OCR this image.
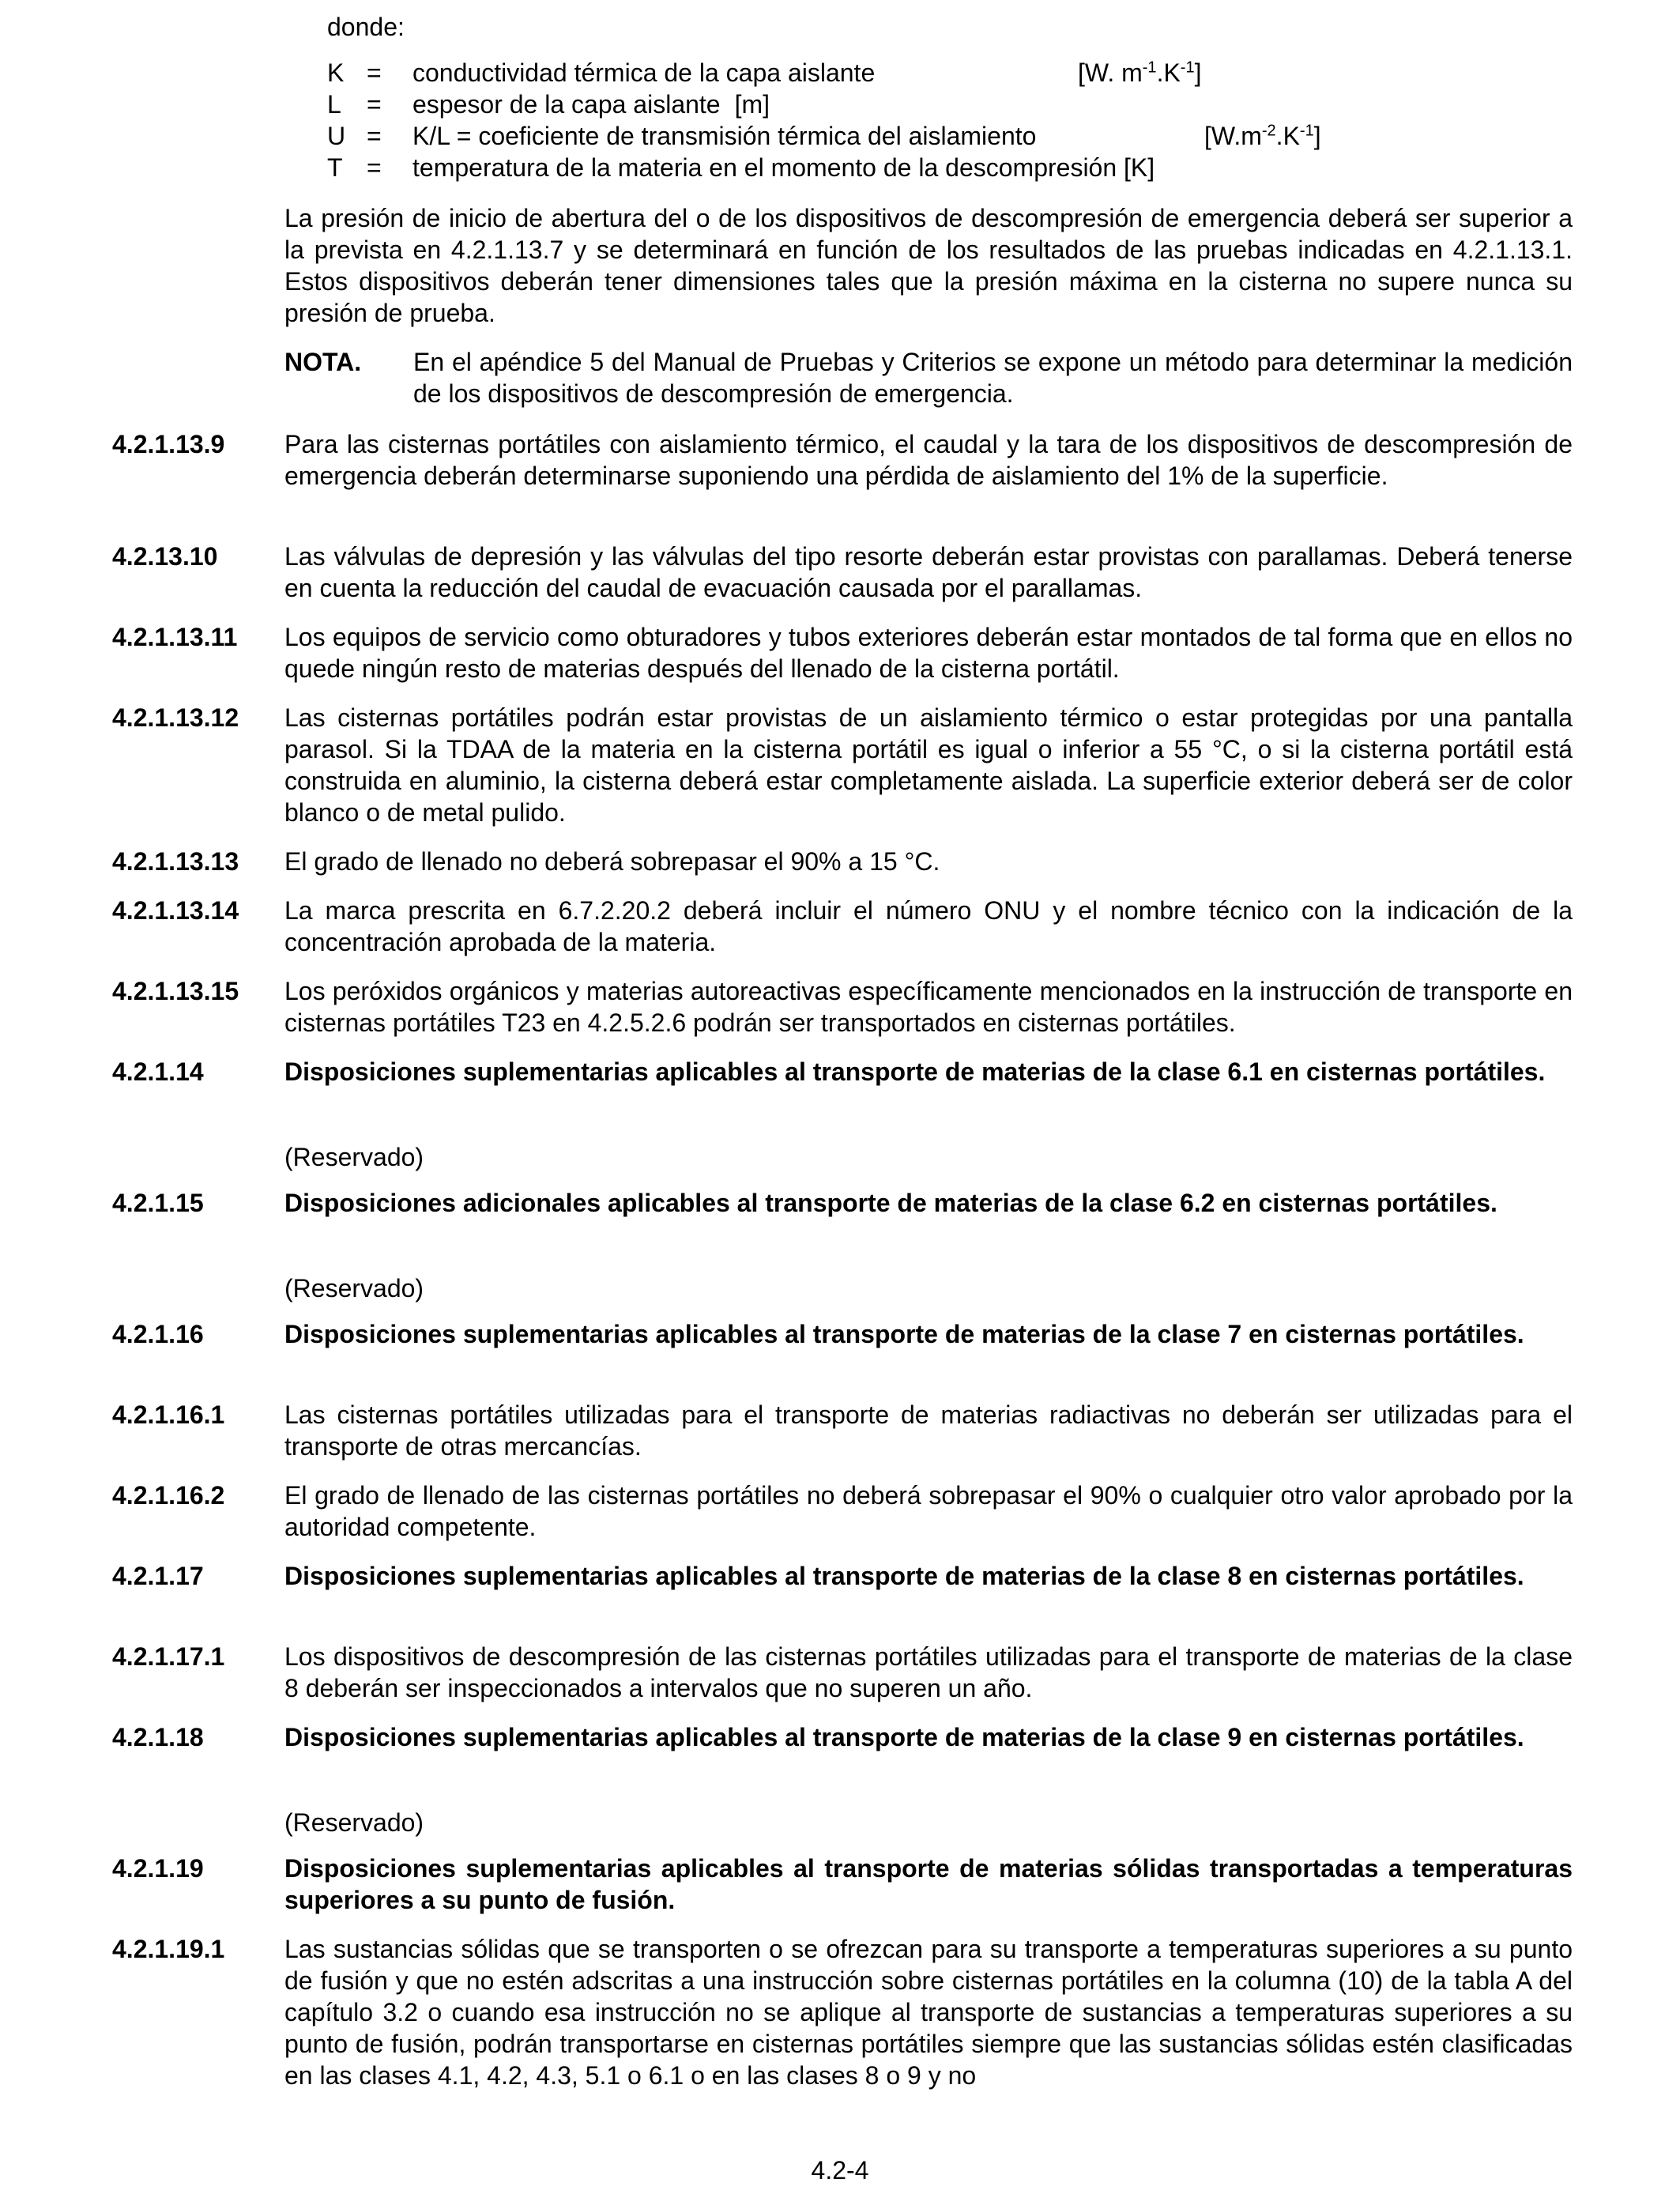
donde:
K =	conductividad térmica de la capa aislante	[W. $m^{-1}.K^{-1}$]
L	=	espesor de la capa aislante [m]
U =	K/L = coeficiente de transmisión térmica del aislamiento	$[W.m^{-2}.K^{-1}]$
T =	temperatura de la materia en el momento de la descompresión [K]
La presión de inicio de abertura del o de los dispositivos de descompresión de emergencia deberá ser superior a la prevista en 4.2.1.13.7 y se determinará en función de los resultados de las pruebas indicadas en 4.2.1.13.1. Estos dispositivos deberán tener dimensiones tales que la presión máxima en la cisterna no supere nunca su presión de prueba.
NOTA.	En el apéndice 5 del Manual de Pruebas y Criterios se expone un método para determinar la medición de los dispositivos de descompresión de emergencia.
4.2.1.13.9	Para las cisternas portátiles con aislamiento térmico, el caudal y la tara de los dispositivos de descompresión de emergencia deberán determinarse suponiendo una pérdida de aislamiento del 1% de la superficie.
4.2.13.10	Las válvulas de depresión y las válvulas del tipo resorte deberán estar provistas con parallamas. Deberá tenerse en cuenta la reducción del caudal de evacuación causada por el parallamas.
4.2.1.13.11	Los equipos de servicio como obturadores y tubos exteriores deberán estar montados de tal forma que en ellos no quede ningún resto de materias después del llenado de la cisterna portátil.
4.2.1.13.12	Las cisternas portátiles podrán estar provistas de un aislamiento térmico o estar protegidas por una pantalla parasol. Si la TDAA de la materia en la cisterna portátil es igual o inferior a 55 °C, o si la cisterna portátil está construida en aluminio, la cisterna deberá estar completamente aislada. La superficie exterior deberá ser de color blanco o de metal pulido.
4.2.1.13.13	El grado de llenado no deberá sobrepasar el 90% a 15 °C.
4.2.1.13.14	La marca prescrita en 6.7.2.20.2 deberá incluir el número ONU y el nombre técnico con la indicación de la concentración aprobada de la materia.
4.2.1.13.15	Los peróxidos orgánicos y materias autoreactivas específicamente mencionados en la instrucción de transporte en cisternas portátiles T23 en 4.2.5.2.6 podrán ser transportados en cisternas portátiles.
4.2.1.14	Disposiciones suplementarias aplicables al transporte de materias de la clase 6.1 en cisternas portátiles.
(Reservado)
4.2.1.15	Disposiciones adicionales aplicables al transporte de materias de la clase 6.2 en cisternas portátiles.
(Reservado)
4.2.1.16	Disposiciones suplementarias aplicables al transporte de materias de la clase 7 en cisternas portátiles.
4.2.1.16.1	Las cisternas portátiles utilizadas para el transporte de materias radiactivas no deberán ser utilizadas para el transporte de otras mercancías.
4.2.1.16.2	El grado de llenado de las cisternas portátiles no deberá sobrepasar el 90% o cualquier otro valor aprobado por la autoridad competente.
4.2.1.17	Disposiciones suplementarias aplicables al transporte de materias de la clase 8 en cisternas portátiles.
4.2.1.17.1	Los dispositivos de descompresión de las cisternas portátiles utilizadas para el transporte de materias de la clase 8 deberán ser inspeccionados a intervalos que no superen un año.
4.2.1.18	Disposiciones suplementarias aplicables al transporte de materias de la clase 9 en cisternas portátiles.
(Reservado)
4.2.1.19	Disposiciones suplementarias aplicables al transporte de materias sólidas transportadas a temperaturas superiores a su punto de fusión.
4.2.1.19.1	Las sustancias sólidas que se transporten o se ofrezcan para su transporte a temperaturas superiores a su punto de fusión y que no estén adscritas a una instrucción sobre cisternas portátiles en la columna (10) de la tabla A del capítulo 3.2 o cuando esa instrucción no se aplique al transporte de sustancias a temperaturas superiores a su punto de fusión, podrán transportarse en cisternas portátiles siempre que las sustancias sólidas estén clasificadas en las clases 4.1, 4.2, 4.3, 5.1 o 6.1 o en las clases 8 o 9 y no
4.2-4
